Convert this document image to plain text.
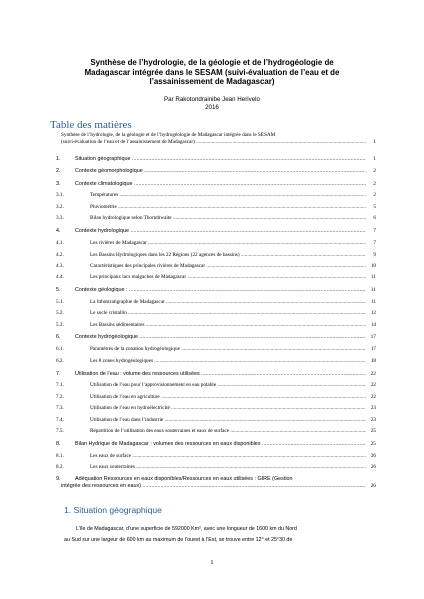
Synthèse de l’hydrologie, de la géologie et de l’hydrogéologie de
Madagascar intégrée dans le SESAM (suivi-évaluation de l’eau et de
l’assainissement de Madagascar)
Par Rakotondrainibe Jean Herivelo
2016
Table des matières
Synthèse de l’hydrologie, de la géologie et de l’hydrogéologie de Madagascar intégrée dans le SESAM
(suivi-évaluation de l’eau et de l’assainissement de Madagascar) .....	1
1.	Situation géographique .....	1
2.	Contexte géomorphologique .....	2
3.	Contexte climatologique .....	2
3.1.	Températures .....	2
3.2.	Pluviométrie .....	5
3.3.	Bilan hydrologique selon Thornthwaite .....	6
4.	Contexte hydrologique .....	7
4.1.	Les rivières de Madagascar .....	7
4.2.	Les Bassins Hydrologiques dans les 22 Régions (22 agences de bassins) .....	9
4.3.	Caractéristiques des principales rivières de Madagascar .....	10
4.4.	Les principaux lacs malgaches de Madagascar .....	11
5.	Contexte géologique : .....	11
5.1.	La lithostratigraphie de Madagascar .....	11
5.2.	Le socle cristallin .....	12
5.3.	Les Bassins sédimentaires .....	14
6.	Contexte hydrogéologique .....	17
6.1.	Paramètres de la zonation hydrogéologique .....	17
6.2.	Les 8 zones hydrogéologiques .....	18
7.	Utilisation de l’eau : volume des ressources utilisées .....	22
7.1.	Utilisation de l’eau pour l’approvisionnement en eau potable .....	22
7.2.	Utilisation de l’eau en agriculture .....	22
7.3.	Utilisation de l’eau en hydroélectricité .....	23
7.4.	Utilisation de l’eau dans l’industrie .....	23
7.5.	Répartition de l’utilisation des eaux souterraines et eaux de surface .....	25
8.	Bilan Hydrique de Madagascar : volumes des ressources en eaux disponibles .....	25
8.1.	Les eaux de surface .....	26
8.2.	Les eaux souterraines .....	26
9.	Adéquation Ressources en eaux disponibles/Ressources en eaux utilisées : GIRE (Gestion
intégrée des ressources en eaux) .....	26
1. Situation géographique
L’île de Madagascar, d’une superficie de 592000 Km², avec une longueur de 1600 km du Nord
au Sud sur une largeur de 600 km au maximum de l’ouest à l’Est, se trouve entre 12° et 25°30 de
1
